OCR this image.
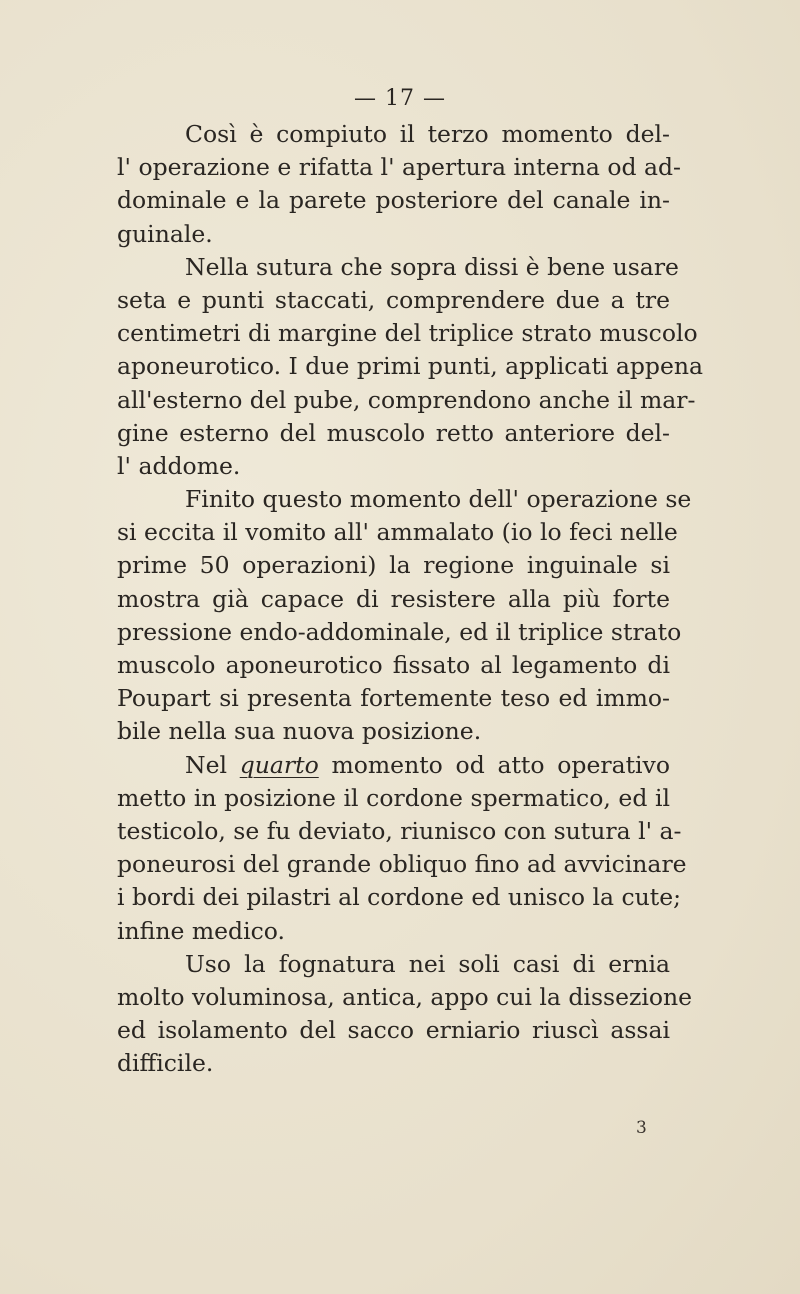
— 17 —
Così è compiuto il terzo momento del-
l' operazione e rifatta l' apertura interna od ad-
dominale e la parete posteriore del canale in-
guinale.
Nella sutura che sopra dissi è bene usare
seta e punti staccati, comprendere due a tre
centimetri di margine del triplice strato muscolo
aponeurotico. I due primi punti, applicati appena
all'esterno del pube, comprendono anche il mar-
gine esterno del muscolo retto anteriore del-
l' addome.
Finito questo momento dell' operazione se
si eccita il vomito all' ammalato (io lo feci nelle
prime 50 operazioni) la regione inguinale si
mostra già capace di resistere alla più forte
pressione endo-addominale, ed il triplice strato
muscolo aponeurotico fissato al legamento di
Poupart si presenta fortemente teso ed immo-
bile nella sua nuova posizione.
Nel quarto momento od atto operativo
metto in posizione il cordone spermatico, ed il
testicolo, se fu deviato, riunisco con sutura l' a-
poneurosi del grande obliquo fino ad avvicinare
i bordi dei pilastri al cordone ed unisco la cute;
infine medico.
Uso la fognatura nei soli casi di ernia
molto voluminosa, antica, appo cui la dissezione
ed isolamento del sacco erniario riuscì assai
difficile.
3
